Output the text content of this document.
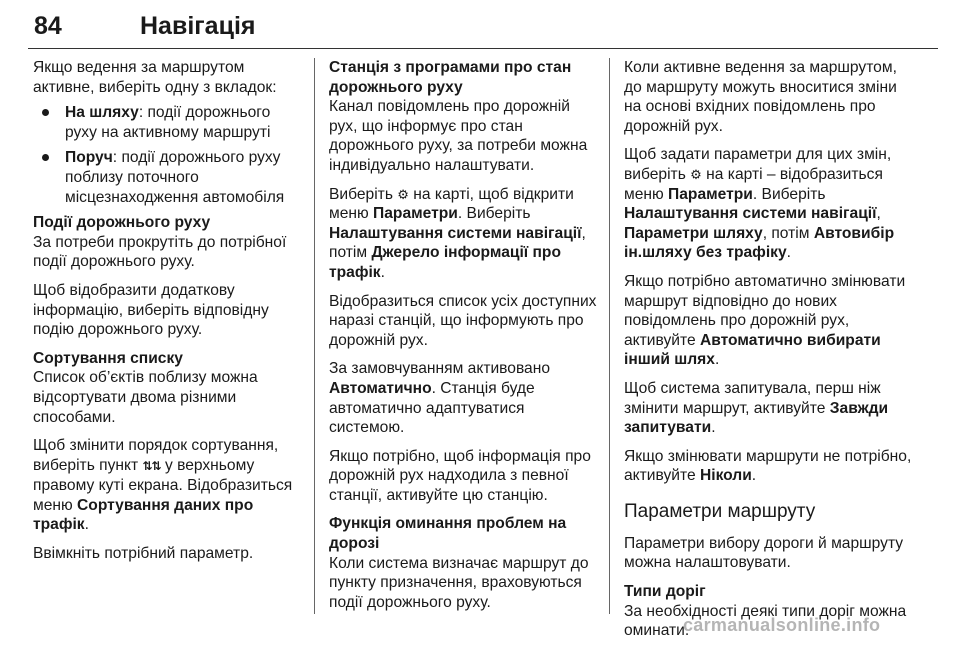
84	Навігація

Якщо ведення за маршрутом активне, виберіть одну з вкладок:

На шляху: події дорожнього руху на активному маршруті
Поруч: події дорожнього руху поблизу поточного місцезнаходження автомобіля
Події дорожнього руху

За потреби прокрутіть до потрібної події дорожнього руху.

Щоб відобразити додаткову інформацію, виберіть відповідну подію дорожнього руху.

Сортування списку

Список об’єктів поблизу можна відсортувати двома різними способами.

Щоб змінити порядок сортування, виберіть пункт ⇅⇅ у верхньому правому куті екрана. Відобразиться меню Сортування даних про трафік.

Ввімкніть потрібний параметр.

Станція з програмами про стан дорожнього руху

Канал повідомлень про дорожній рух, що інформує про стан дорожнього руху, за потреби можна індивідуально налаштувати.

Виберіть ⚙ на карті, щоб відкрити меню Параметри. Виберіть Налаштування системи навігації, потім Джерело інформації про трафік.

Відобразиться список усіх доступних наразі станцій, що інформують про дорожній рух.

За замовчуванням активовано Автоматично. Станція буде автоматично адаптуватися системою.

Якщо потрібно, щоб інформація про дорожній рух надходила з певної станції, активуйте цю станцію.

Функція оминання проблем на дорозі

Коли система визначає маршрут до пункту призначення, враховуються події дорожнього руху.

Коли активне ведення за маршрутом, до маршруту можуть вноситися зміни на основі вхідних повідомлень про дорожній рух.

Щоб задати параметри для цих змін, виберіть ⚙ на карті – відобразиться меню Параметри. Виберіть Налаштування системи навігації, Параметри шляху, потім Автовибір ін.шляху без трафіку.

Якщо потрібно автоматично змінювати маршрут відповідно до нових повідомлень про дорожній рух, активуйте Автоматично вибирати інший шлях.

Щоб система запитувала, перш ніж змінити маршрут, активуйте Завжди запитувати.

Якщо змінювати маршрути не потрібно, активуйте Ніколи.

Параметри маршруту

Параметри вибору дороги й маршруту можна налаштовувати.

Типи доріг

За необхідності деякі типи доріг можна оминати.

carmanualsonline.info
